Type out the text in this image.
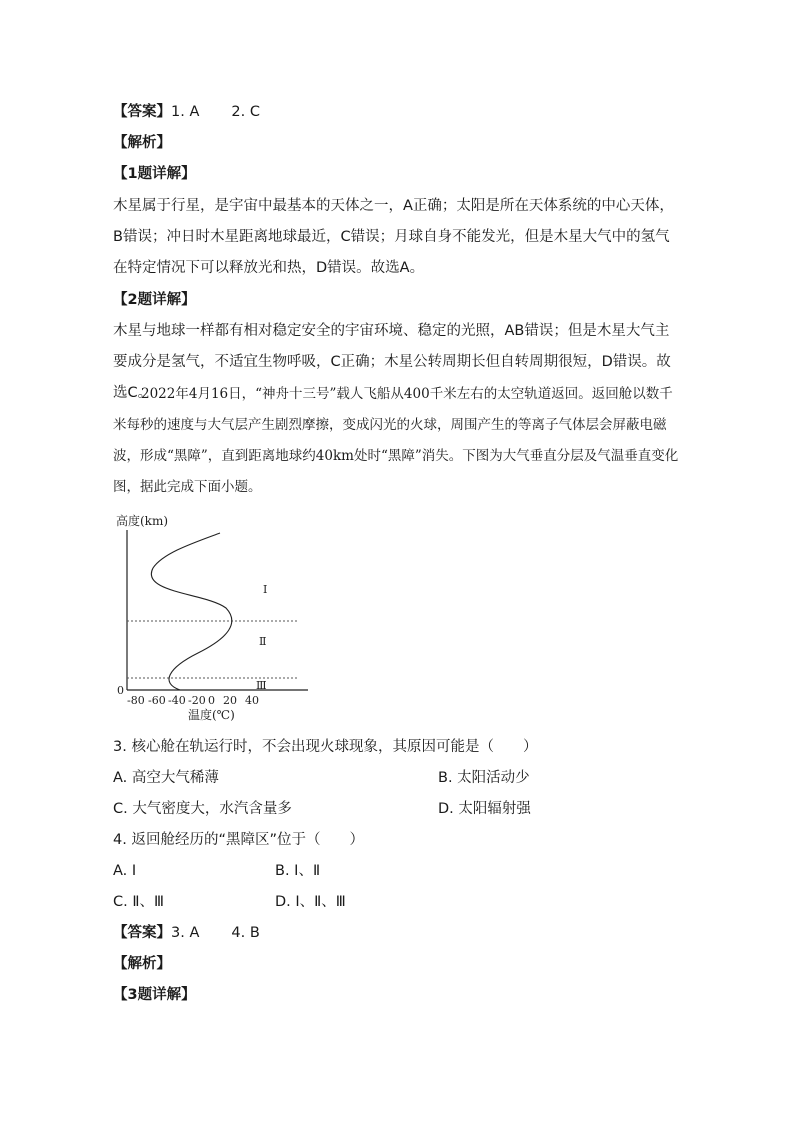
【答案】1. A 2. C
【解析】
【1题详解】
木星属于行星，是宇宙中最基本的天体之一，A正确；太阳是所在天体系统的中心天体，B错误；冲日时木星距离地球最近，C错误；月球自身不能发光，但是木星大气中的氢气在特定情况下可以释放光和热，D错误。故选A。
【2题详解】
木星与地球一样都有相对稳定安全的宇宙环境、稳定的光照，AB错误；但是木星大气主要成分是氢气，不适宜生物呼吸，C正确；木星公转周期长但自转周期很短，D错误。故选C。
2022年4月16日，“神舟十三号”载人飞船从400千米左右的太空轨道返回。返回舱以数千米每秒的速度与大气层产生剧烈摩擦，变成闪光的火球，周围产生的等离子气体层会屏蔽电磁波，形成“黑障”，直到距离地球约40km处时“黑障”消失。下图为大气垂直分层及气温垂直变化图，据此完成下面小题。
高度(km)
0
Ⅰ
Ⅱ
Ⅲ
-80 -60 -40 -20 0 20 40
温度(℃)
3. 核心舱在轨运行时，不会出现火球现象，其原因可能是（　　）
A. 高空大气稀薄	B. 太阳活动少
C. 大气密度大，水汽含量多	D. 太阳辐射强
4. 返回舱经历的“黑障区”位于（　　）
A. Ⅰ	B. Ⅰ、Ⅱ
C. Ⅱ、Ⅲ	D. Ⅰ、Ⅱ、Ⅲ
【答案】3. A 4. B
【解析】
【3题详解】
